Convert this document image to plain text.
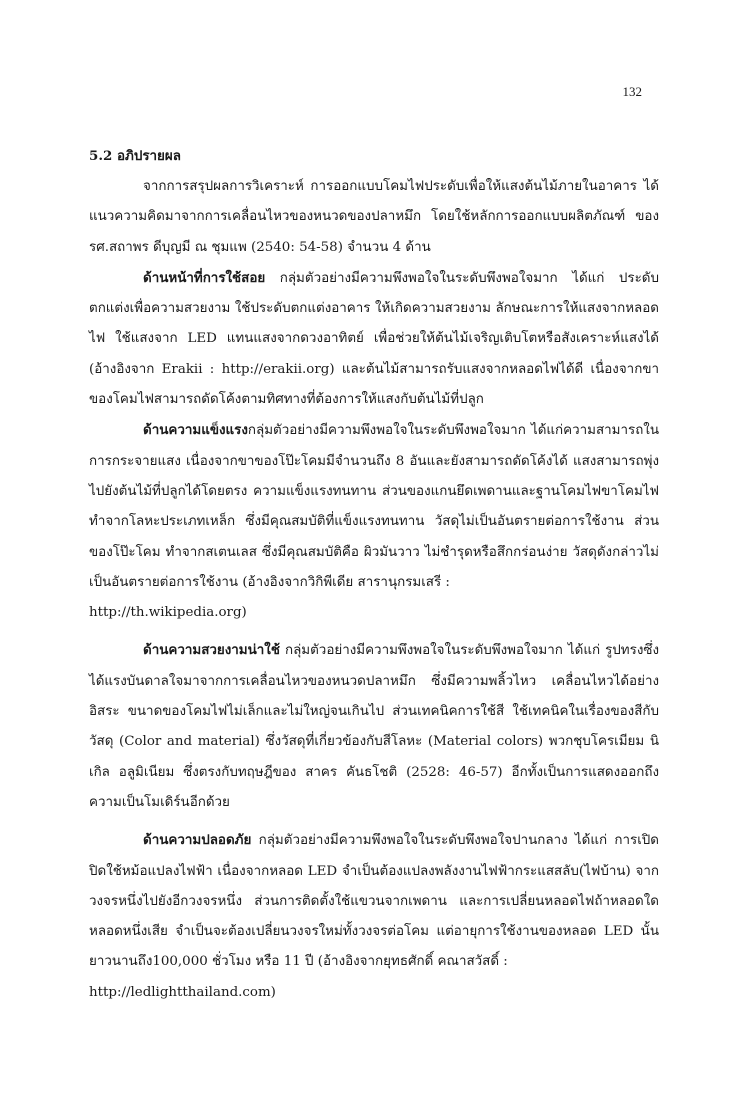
132

5.2 อภิปรายผล

จากการสรุปผลการวิเคราะห์ การออกแบบโคมไฟประดับเพื่อให้แสงต้นไม้ภายในอาคาร ได้แนวความคิดมาจากการเคลื่อนไหวของหนวดของปลาหมึก โดยใช้หลักการออกแบบผลิตภัณฑ์ ของ รศ.สถาพร ดีบุญมี ณ ชุมแพ (2540: 54-58) จำนวน 4 ด้าน

ด้านหน้าที่การใช้สอย กลุ่มตัวอย่างมีความพึงพอใจในระดับพึงพอใจมาก ได้แก่ ประดับตกแต่งเพื่อความสวยงาม ใช้ประดับตกแต่งอาคาร ให้เกิดความสวยงาม ลักษณะการให้แสงจากหลอดไฟ ใช้แสงจาก LED แทนแสงจากดวงอาทิตย์ เพื่อช่วยให้ต้นไม้เจริญเติบโตหรือสังเคราะห์แสงได้ (อ้างอิงจาก Erakii : http://erakii.org) และต้นไม้สามารถรับแสงจากหลอดไฟได้ดี เนื่องจากขาของโคมไฟสามารถดัดโค้งตามทิศทางที่ต้องการให้แสงกับต้นไม้ที่ปลูก

ด้านความแข็งแรงกลุ่มตัวอย่างมีความพึงพอใจในระดับพึงพอใจมาก ได้แก่ความสามารถในการกระจายแสง เนื่องจากขาของโป๊ะโคมมีจำนวนถึง 8 อันและยังสามารถดัดโค้งได้ แสงสามารถพุ่งไปยังต้นไม้ที่ปลูกได้โดยตรง ความแข็งแรงทนทาน ส่วนของแกนยึดเพดานและฐานโคมไฟขาโคมไฟ ทำจากโลหะประเภทเหล็ก ซึ่งมีคุณสมบัติที่แข็งแรงทนทาน วัสดุไม่เป็นอันตรายต่อการใช้งาน ส่วนของโป๊ะโคม ทำจากสเตนเลส ซึ่งมีคุณสมบัติคือ ผิวมันวาว ไม่ชำรุดหรือสึกกร่อนง่าย วัสดุดังกล่าวไม่เป็นอันตรายต่อการใช้งาน (อ้างอิงจากวิกิพีเดีย สารานุกรมเสรี :

http://th.wikipedia.org)

ด้านความสวยงามน่าใช้ กลุ่มตัวอย่างมีความพึงพอใจในระดับพึงพอใจมาก ได้แก่ รูปทรงซึ่งได้แรงบันดาลใจมาจากการเคลื่อนไหวของหนวดปลาหมึก ซึ่งมีความพลิ้วไหว เคลื่อนไหวได้อย่างอิสระ ขนาดของโคมไฟไม่เล็กและไม่ใหญ่จนเกินไป ส่วนเทคนิคการใช้สี ใช้เทคนิคในเรื่องของสีกับวัสดุ (Color and material) ซึ่งวัสดุที่เกี่ยวข้องกับสีโลหะ (Material colors) พวกชุบโครเมียม นิเกิล อลูมิเนียม ซึ่งตรงกับทฤษฎีของ สาคร คันธโชติ (2528: 46-57) อีกทั้งเป็นการแสดงออกถึงความเป็นโมเดิร์นอีกด้วย

ด้านความปลอดภัย กลุ่มตัวอย่างมีความพึงพอใจในระดับพึงพอใจปานกลาง ได้แก่ การเปิดปิดใช้หม้อแปลงไฟฟ้า เนื่องจากหลอด LED จำเป็นต้องแปลงพลังงานไฟฟ้ากระแสสลับ(ไฟบ้าน) จากวงจรหนึ่งไปยังอีกวงจรหนึ่ง ส่วนการติดตั้งใช้แขวนจากเพดาน และการเปลี่ยนหลอดไฟถ้าหลอดใดหลอดหนึ่งเสีย จำเป็นจะต้องเปลี่ยนวงจรใหม่ทั้งวงจรต่อโคม แต่อายุการใช้งานของหลอด LED นั้นยาวนานถึง100,000 ชั่วโมง หรือ 11 ปี (อ้างอิงจากยุทธศักดิ์ คณาสวัสดิ์ :

http://ledlightthailand.com)
